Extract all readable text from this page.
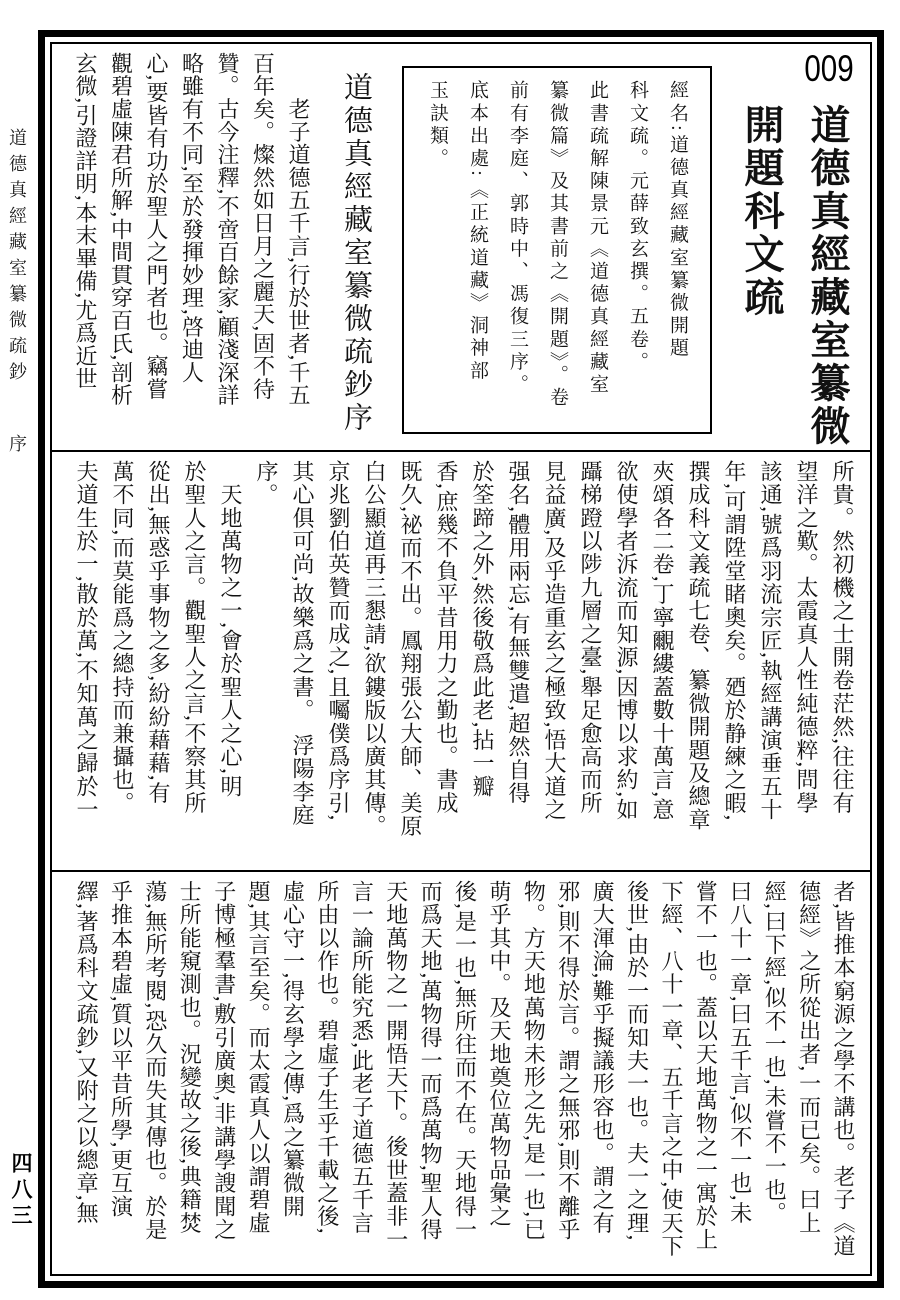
道德真經藏室纂微疏鈔 序
四八三
009
道德真經藏室纂微
開題科文疏
經名:道德真經藏室纂微開題
科文疏。元薛致玄撰。五卷。
此書疏解陳景元《道德真經藏室
纂微篇》及其書前之《開題》。卷
前有李庭、郭時中、馮復三序。
底本出處:《正統道藏》洞神部
玉訣類。
道德真經藏室纂微疏鈔序
　　老子道德五千言,行於世者,千五
百年矣。燦然如日月之麗天,固不待
贊。古今注釋,不啻百餘家,顧淺深詳
略雖有不同,至於發揮妙理,啓迪人
心,要皆有功於聖人之門者也。竊嘗
觀碧虛陳君所解,中間貫穿百氏,剖析
玄微,引證詳明,本末畢備,尤爲近世
所貴。然初機之士開卷茫然,往往有
望洋之歎。太霞真人性純德粹,問學
該通,號爲羽流宗匠,執經講演垂五十
年,可謂陞堂睹奧矣。廼於静練之暇,
撰成科文義疏七卷、纂微開題及總章
夾頌各二卷,丁寧覼縷蓋數十萬言,意
欲使學者泝流而知源,因博以求約,如
躡梯蹬以陟九層之臺,舉足愈高而所
見益廣,及乎造重玄之極致,悟大道之
强名,體用兩忘,有無雙遣,超然自得
於筌蹄之外,然後敬爲此老,拈一瓣
香,庶幾不負平昔用力之勤也。書成
既久,祕而不出。鳳翔張公大師、美原
白公顯道再三懇請,欲鏤版以廣其傳。
京兆劉伯英贊而成之,且囑僕爲序引,
其心俱可尚,故樂爲之書。　浮陽李庭
序。
　天地萬物之一,會於聖人之心,明
於聖人之言。觀聖人之言,不察其所
從出,無惑乎事物之多,紛紛藉藉,有
萬不同,而莫能爲之總持而兼攝也。
夫道生於一,散於萬,不知萬之歸於一
者,皆推本窮源之學不講也。老子《道
德經》之所從出者,一而已矣。曰上
經,曰下經,似不一也,未嘗不一也。
曰八十一章,曰五千言,似不一也,未
嘗不一也。蓋以天地萬物之一寓於上
下經、八十一章、五千言之中,使天下
後世,由於一而知夫一也。夫一之理,
廣大渾淪,難乎擬議形容也。謂之有
邪,則不得於言。謂之無邪,則不離乎
物。方天地萬物未形之先,是一也,已
萌乎其中。及天地奠位萬物品彙之
後,是一也,無所往而不在。天地得一
而爲天地,萬物得一而爲萬物,聖人得
天地萬物之一開悟天下。後世蓋非一
言一論所能究悉,此老子道德五千言
所由以作也。碧虛子生乎千載之後,
虛心守一,得玄學之傳,爲之纂微開
題,其言至矣。而太霞真人以謂碧虛
子博極羣書,敷引廣奧,非講學謏聞之
士所能窺測也。況變故之後,典籍焚
蕩,無所考閱,恐久而失其傳也。於是
乎推本碧虛,質以平昔所學,更互演
繹,著爲科文疏鈔,又附之以總章,無
